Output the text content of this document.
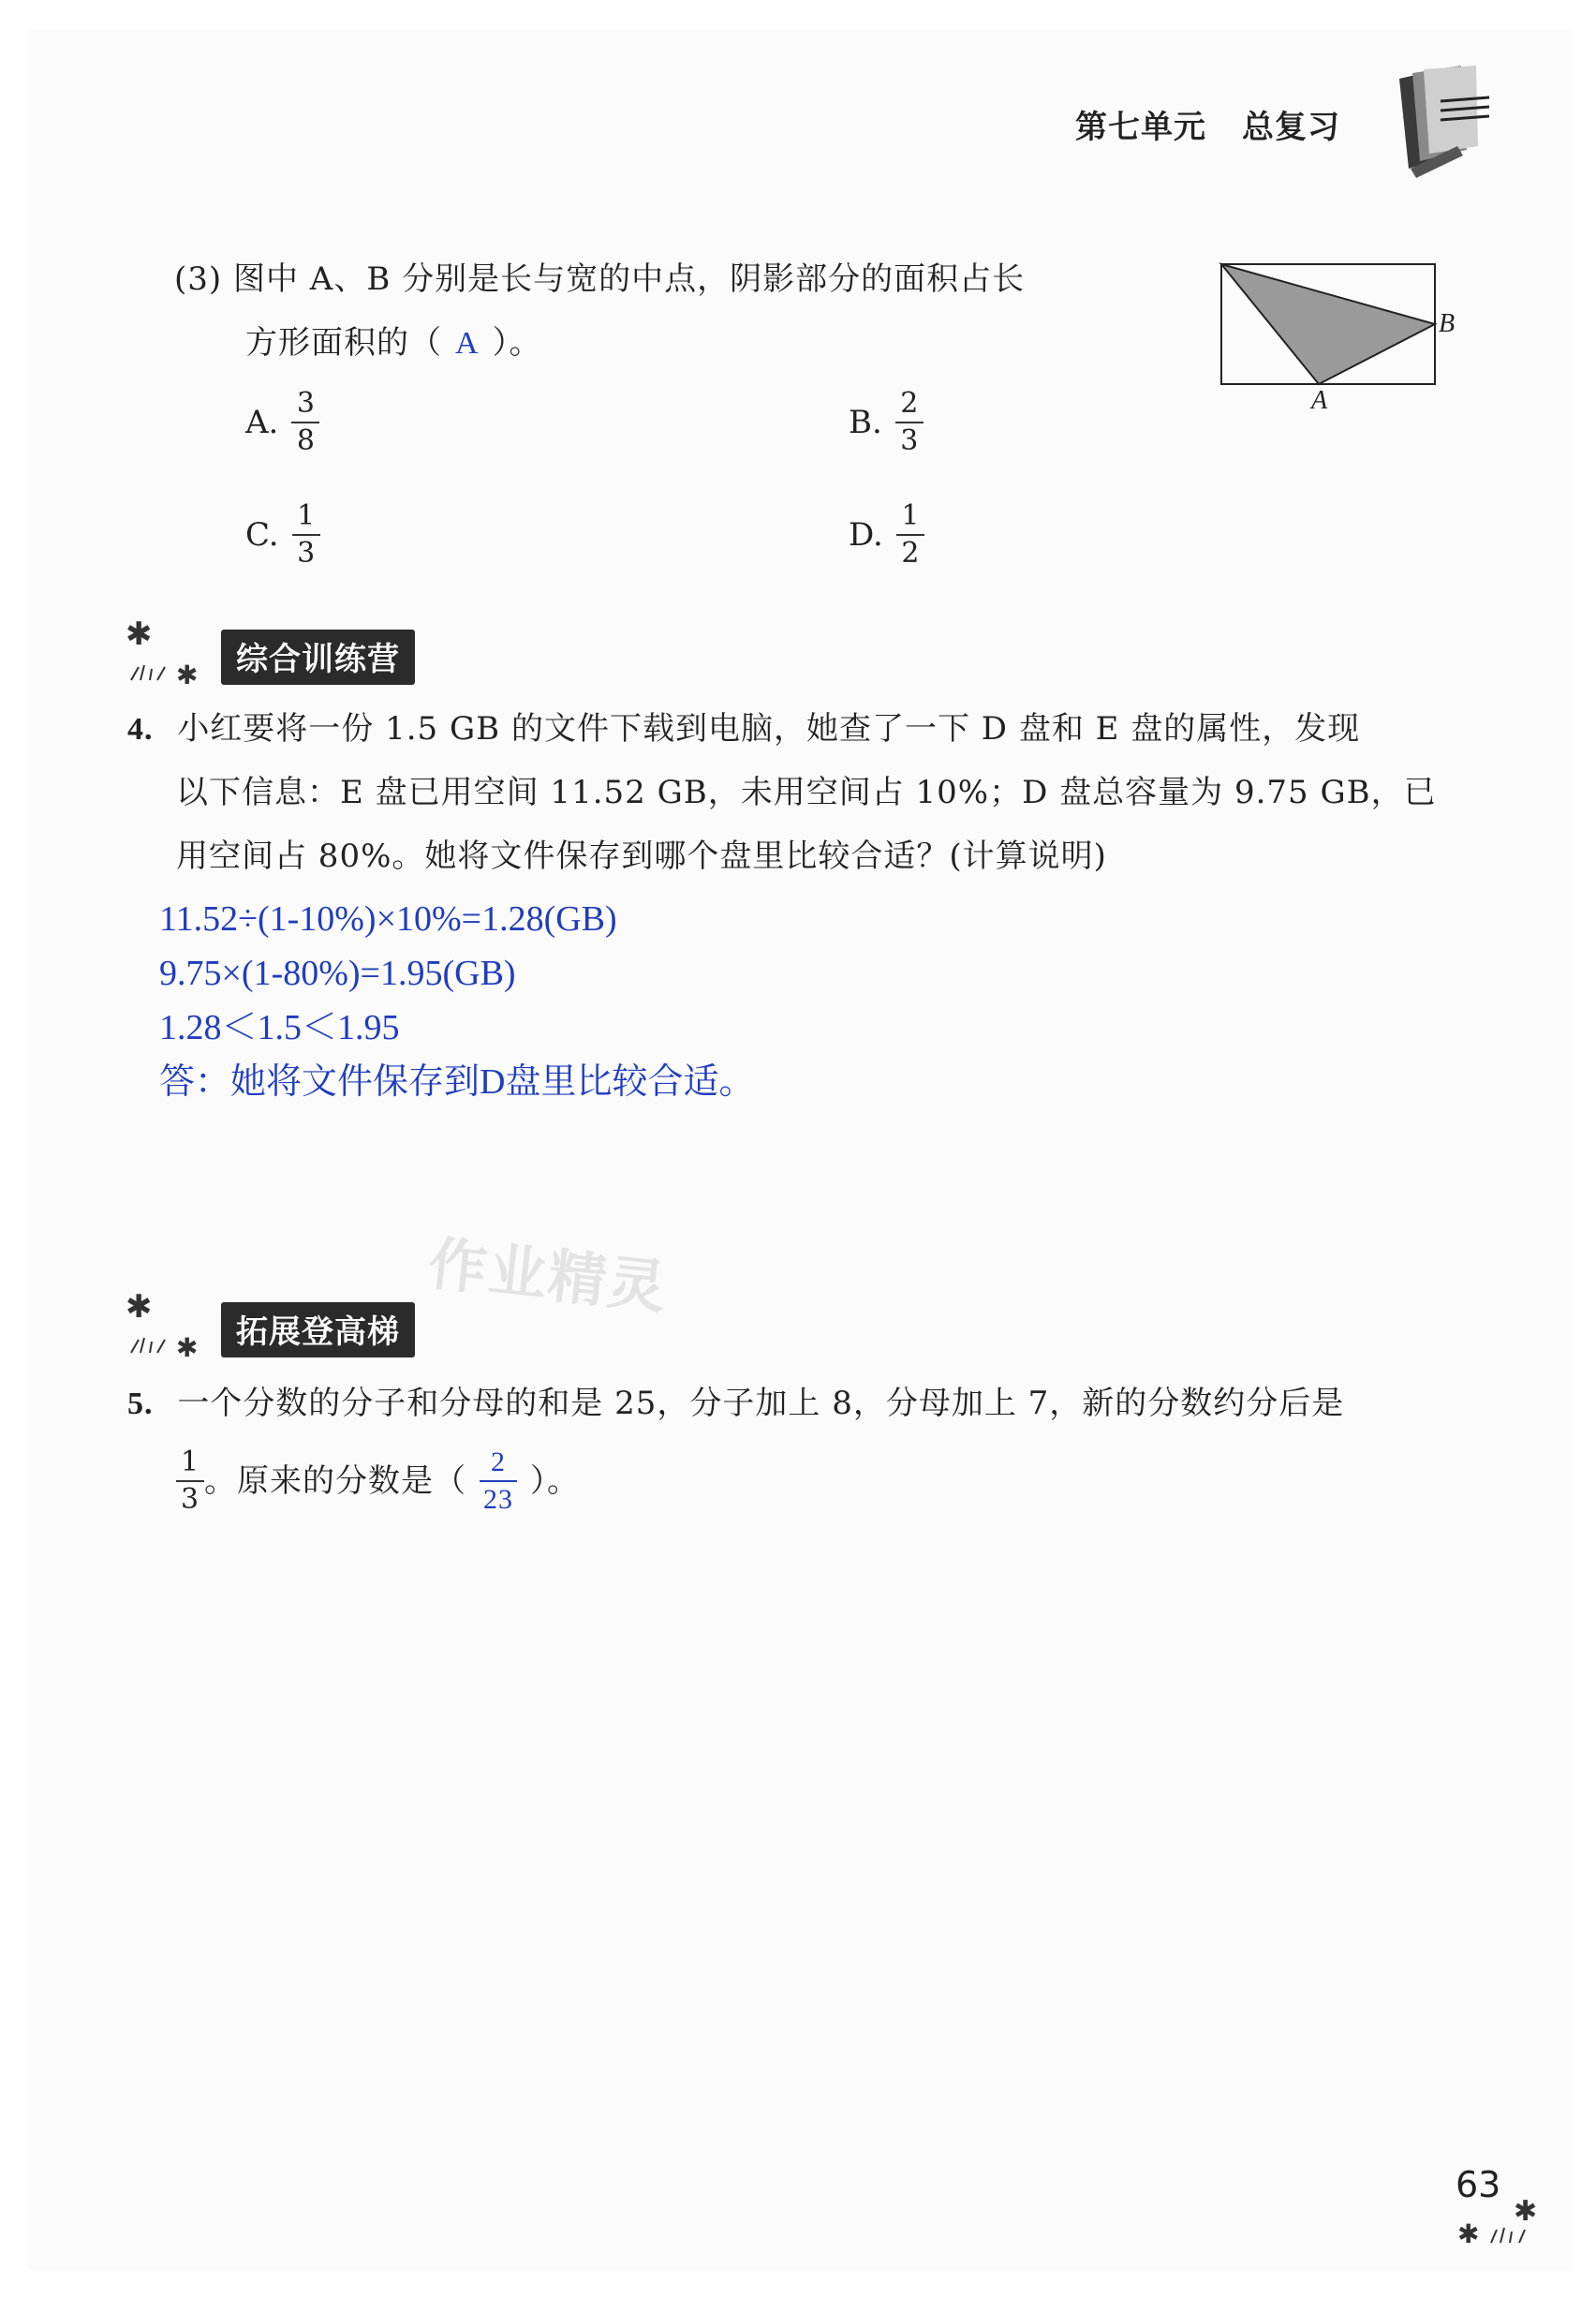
第七单元 总复习
(3) 图中 A、B 分别是长与宽的中点，阴影部分的面积占长
方形面积的（ A ）。
B
A
A. $\frac{3}{8}$	B. $\frac{2}{3}$
C. $\frac{1}{3}$	D. $\frac{1}{2}$
✱
✱	综合训练营
4. 小红要将一份 1.5 GB 的文件下载到电脑，她查了一下 D 盘和 E 盘的属性，发现
以下信息：E 盘已用空间 11.52 GB，未用空间占 10%；D 盘总容量为 9.75 GB，已
用空间占 80%。她将文件保存到哪个盘里比较合适？(计算说明)
11.52÷(1-10%)×10%=1.28(GB)
9.75×(1-80%)=1.95(GB)
1.28＜1.5＜1.95
答：她将文件保存到D盘里比较合适。
作业精灵
✱
✱	拓展登高梯
5. 一个分数的分子和分母的和是 25，分子加上 8，分母加上 7，新的分数约分后是
$\frac{1}{3}$ 。原来的分数是（ $\frac{2}{23}$ ）。
63
✱
✱
